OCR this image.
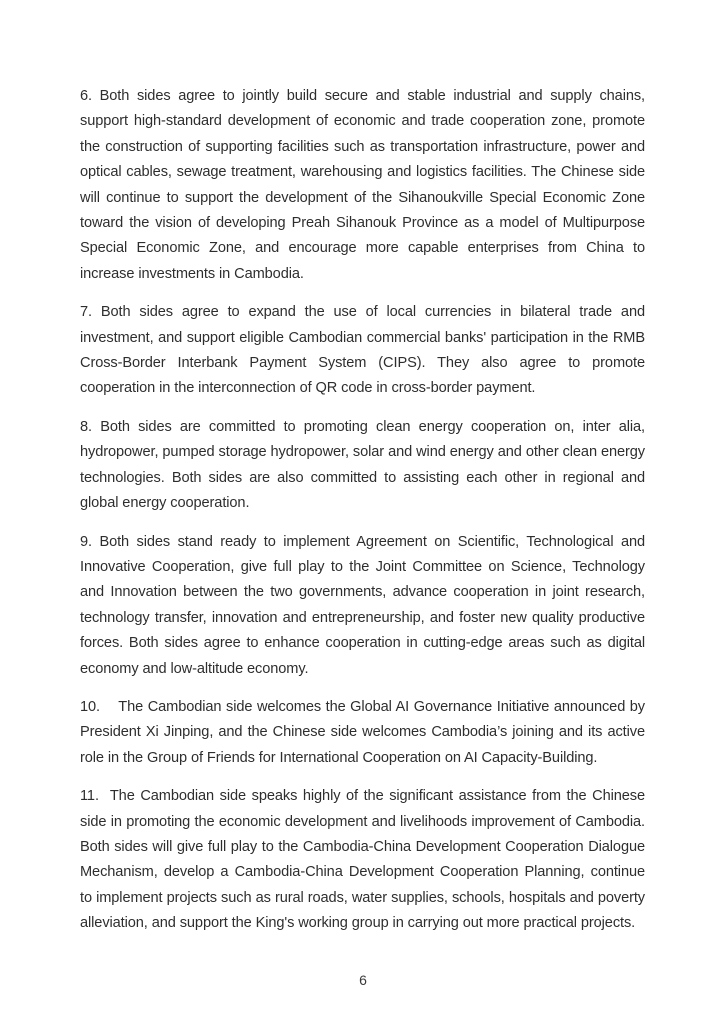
6. Both sides agree to jointly build secure and stable industrial and supply chains, support high-standard development of economic and trade cooperation zone, promote the construction of supporting facilities such as transportation infrastructure, power and optical cables, sewage treatment, warehousing and logistics facilities. The Chinese side will continue to support the development of the Sihanoukville Special Economic Zone toward the vision of developing Preah Sihanouk Province as a model of Multipurpose Special Economic Zone, and encourage more capable enterprises from China to increase investments in Cambodia.

7. Both sides agree to expand the use of local currencies in bilateral trade and investment, and support eligible Cambodian commercial banks' participation in the RMB Cross-Border Interbank Payment System (CIPS). They also agree to promote cooperation in the interconnection of QR code in cross-border payment.

8. Both sides are committed to promoting clean energy cooperation on, inter alia, hydropower, pumped storage hydropower, solar and wind energy and other clean energy technologies. Both sides are also committed to assisting each other in regional and global energy cooperation.

9. Both sides stand ready to implement Agreement on Scientific, Technological and Innovative Cooperation, give full play to the Joint Committee on Science, Technology and Innovation between the two governments, advance cooperation in joint research, technology transfer, innovation and entrepreneurship, and foster new quality productive forces. Both sides agree to enhance cooperation in cutting-edge areas such as digital economy and low-altitude economy.

10.    The Cambodian side welcomes the Global AI Governance Initiative announced by President Xi Jinping, and the Chinese side welcomes Cambodia’s joining and its active role in the Group of Friends for International Cooperation on AI Capacity-Building.

11.  The Cambodian side speaks highly of the significant assistance from the Chinese side in promoting the economic development and livelihoods improvement of Cambodia. Both sides will give full play to the Cambodia-China Development Cooperation Dialogue Mechanism, develop a Cambodia-China Development Cooperation Planning, continue to implement projects such as rural roads, water supplies, schools, hospitals and poverty alleviation, and support the King's working group in carrying out more practical projects.

6
